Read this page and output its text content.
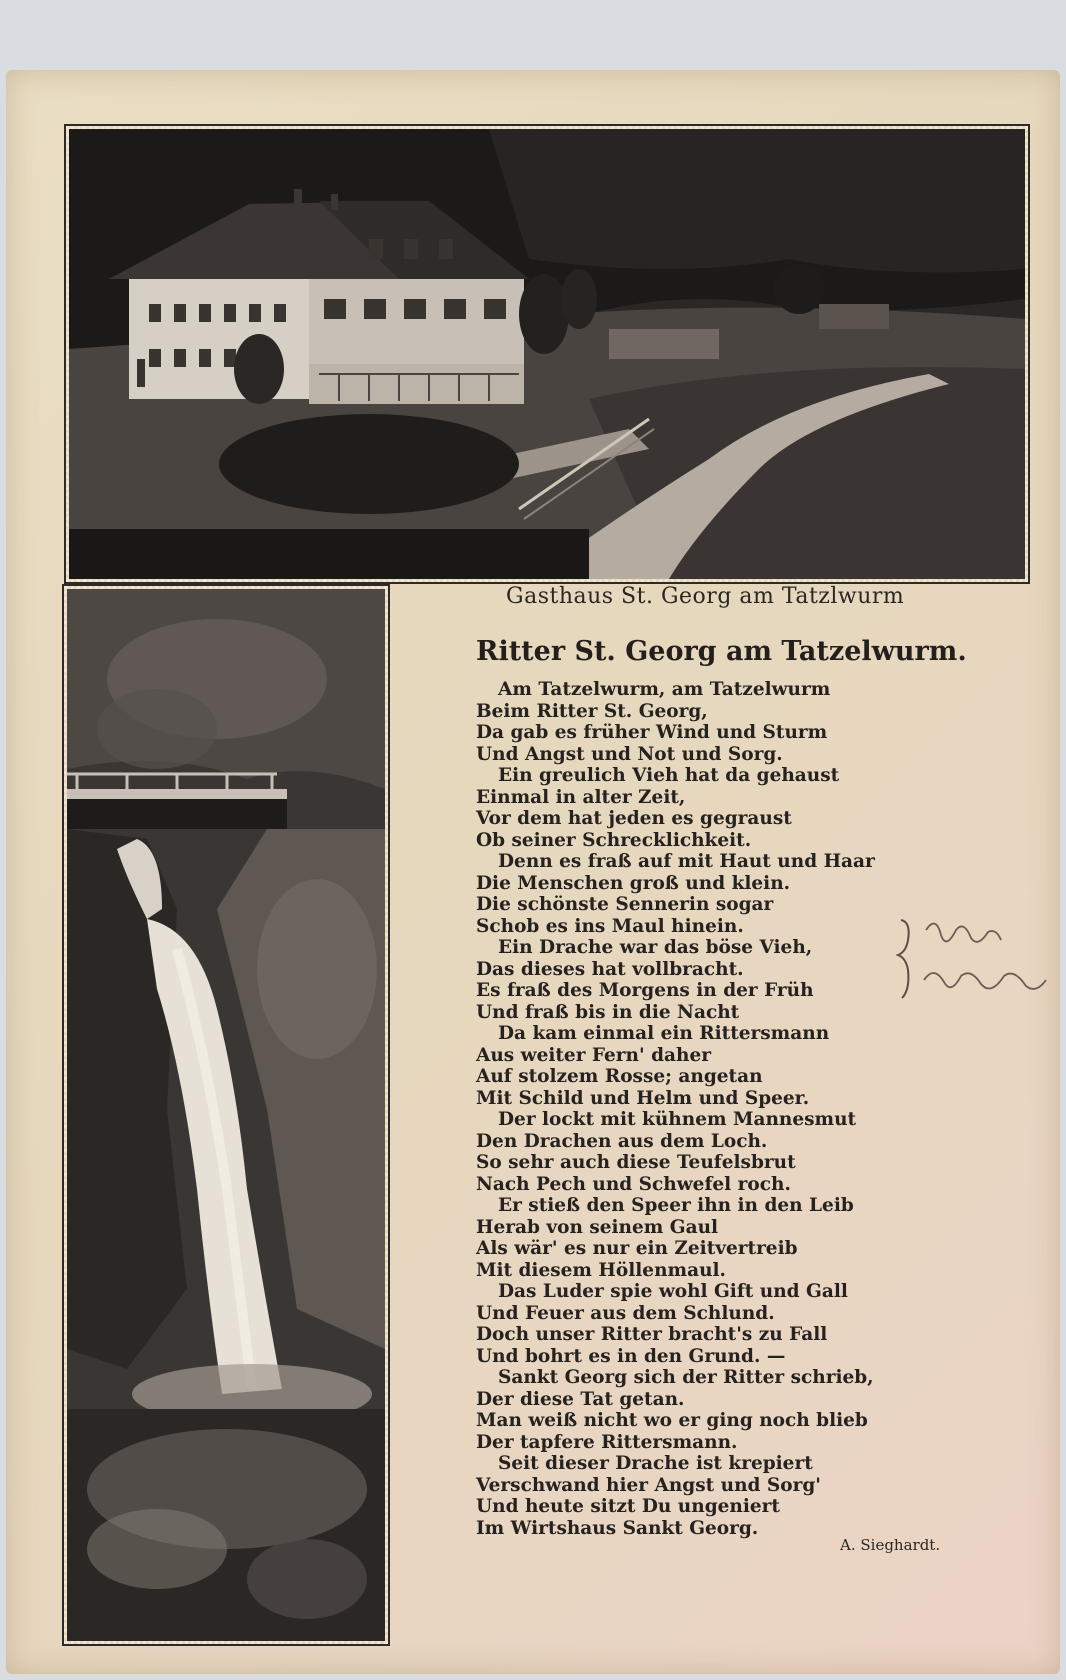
Gasthaus St. Georg am Tatzlwurm
Ritter St. Georg am Tatzelwurm.
Am Tatzelwurm, am Tatzelwurm
Beim Ritter St. Georg,
Da gab es früher Wind und Sturm
Und Angst und Not und Sorg.
Ein greulich Vieh hat da gehaust
Einmal in alter Zeit,
Vor dem hat jeden es gegraust
Ob seiner Schrecklichkeit.
Denn es fraß auf mit Haut und Haar
Die Menschen groß und klein.
Die schönste Sennerin sogar
Schob es ins Maul hinein.
Ein Drache war das böse Vieh,
Das dieses hat vollbracht.
Es fraß des Morgens in der Früh
Und fraß bis in die Nacht
Da kam einmal ein Rittersmann
Aus weiter Fern' daher
Auf stolzem Rosse; angetan
Mit Schild und Helm und Speer.
Der lockt mit kühnem Mannesmut
Den Drachen aus dem Loch.
So sehr auch diese Teufelsbrut
Nach Pech und Schwefel roch.
Er stieß den Speer ihn in den Leib
Herab von seinem Gaul
Als wär' es nur ein Zeitvertreib
Mit diesem Höllenmaul.
Das Luder spie wohl Gift und Gall
Und Feuer aus dem Schlund.
Doch unser Ritter bracht's zu Fall
Und bohrt es in den Grund. —
Sankt Georg sich der Ritter schrieb,
Der diese Tat getan.
Man weiß nicht wo er ging noch blieb
Der tapfere Rittersmann.
Seit dieser Drache ist krepiert
Verschwand hier Angst und Sorg'
Und heute sitzt Du ungeniert
Im Wirtshaus Sankt Georg.
A. Sieghardt.
